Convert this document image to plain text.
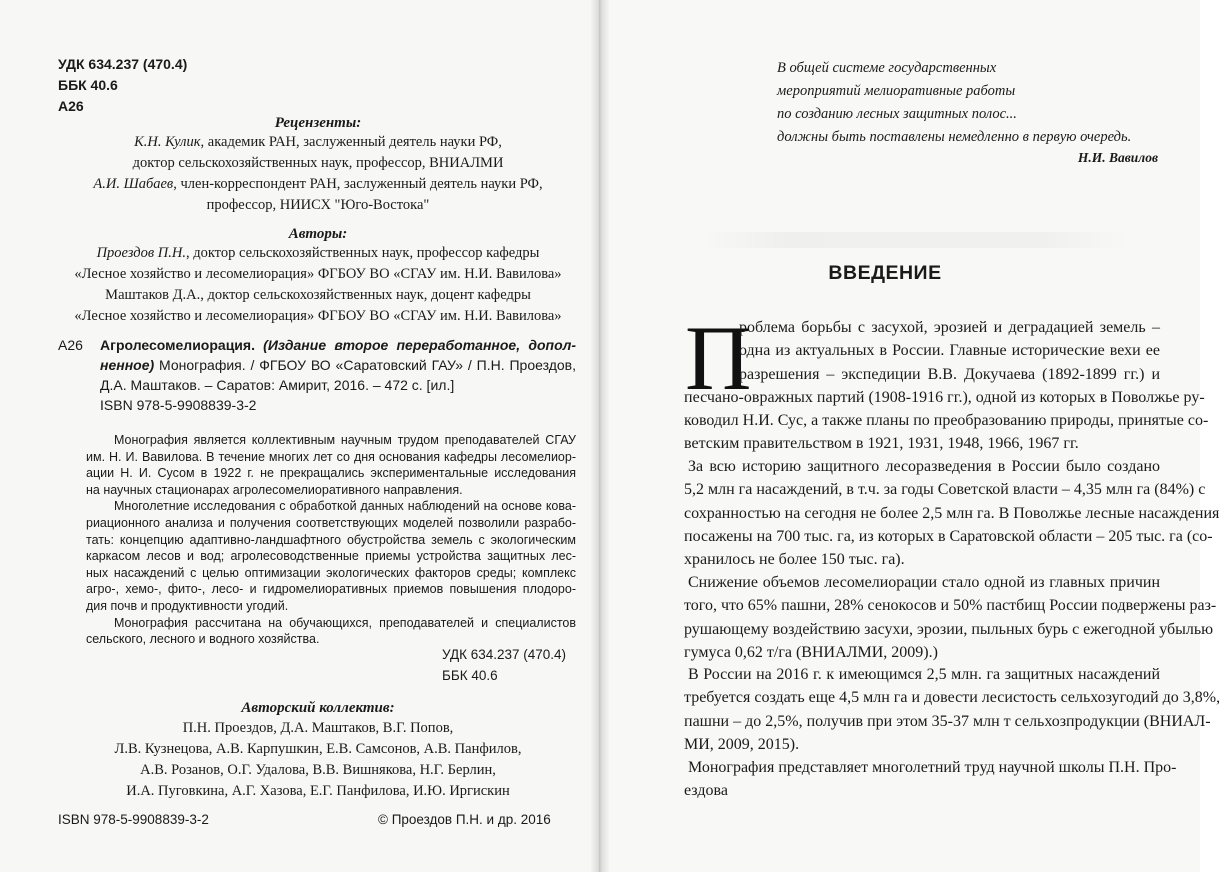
УДК 634.237 (470.4)
ББК 40.6
А26
Рецензенты:
К.Н. Кулик, академик РАН, заслуженный деятель науки РФ,
доктор сельскохозяйственных наук, профессор, ВНИАЛМИ
А.И. Шабаев, член-корреспондент РАН, заслуженный деятель науки РФ,
профессор, НИИСХ "Юго-Востока"
Авторы:
Проездов П.Н., доктор сельскохозяйственных наук, профессор кафедры
«Лесное хозяйство и лесомелиорация» ФГБОУ ВО «СГАУ им. Н.И. Вавилова»
Маштаков Д.А., доктор сельскохозяйственных наук, доцент кафедры
«Лесное хозяйство и лесомелиорация» ФГБОУ ВО «СГАУ им. Н.И. Вавилова»
А26 Агролесомелиорация. (Издание второе переработанное, допол-
ненное) Монография. / ФГБОУ ВО «Саратовский ГАУ» / П.Н. Проездов,
Д.А. Маштаков. – Саратов: Амирит, 2016. – 472 с. [ил.]
ISBN 978-5-9908839-3-2
Монография является коллективным научным трудом преподавателей СГАУ
им. Н. И. Вавилова. В течение многих лет со дня основания кафедры лесомелиор-
ации Н. И. Сусом в 1922 г. не прекращались экспериментальные исследования
на научных стационарах агролесомелиоративного направления.
Многолетние исследования с обработкой данных наблюдений на основе кова-
риационного анализа и получения соответствующих моделей позволили разрабо-
тать: концепцию адаптивно-ландшафтного обустройства земель с экологическим
каркасом лесов и вод; агролесоводственные приемы устройства защитных лес-
ных насаждений с целью оптимизации экологических факторов среды; комплекс
агро-, хемо-, фито-, лесо- и гидромелиоративных приемов повышения плодоро-
дия почв и продуктивности угодий.
Монография рассчитана на обучающихся, преподавателей и специалистов
сельского, лесного и водного хозяйства.
УДК 634.237 (470.4)
ББК 40.6
Авторский коллектив:
П.Н. Проездов, Д.А. Маштаков, В.Г. Попов,
Л.В. Кузнецова, А.В. Карпушкин, Е.В. Самсонов, А.В. Панфилов,
А.В. Розанов, О.Г. Удалова, В.В. Вишнякова, Н.Г. Берлин,
И.А. Пуговкина, А.Г. Хазова, Е.Г. Панфилова, И.Ю. Иргискин
ISBN 978-5-9908839-3-2	© Проездов П.Н. и др. 2016
В общей системе государственных
мероприятий мелиоративные работы
по созданию лесных защитных полос...
должны быть поставлены немедленно в первую очередь.
Н.И. Вавилов
ВВЕДЕНИЕ
П
роблема борьбы с засухой, эрозией и деградацией земель –
одна из актуальных в России. Главные исторические вехи ее
разрешения – экспедиции В.В. Докучаева (1892-1899 гг.) и
песчано-овражных партий (1908-1916 гг.), одной из которых в Поволжье ру-
ководил Н.И. Сус, а также планы по преобразованию природы, принятые со-
ветским правительством в 1921, 1931, 1948, 1966, 1967 гг.
За всю историю защитного лесоразведения в России было создано
5,2 млн га насаждений, в т.ч. за годы Советской власти – 4,35 млн га (84%) с
сохранностью на сегодня не более 2,5 млн га. В Поволжье лесные насаждения
посажены на 700 тыс. га, из которых в Саратовской области – 205 тыс. га (со-
хранилось не более 150 тыс. га).
Снижение объемов лесомелиорации стало одной из главных причин
того, что 65% пашни, 28% сенокосов и 50% пастбищ России подвержены раз-
рушающему воздействию засухи, эрозии, пыльных бурь с ежегодной убылью
гумуса 0,62 т/га (ВНИАЛМИ, 2009).)
В России на 2016 г. к имеющимся 2,5 млн. га защитных насаждений
требуется создать еще 4,5 млн га и довести лесистость сельхозугодий до 3,8%,
пашни – до 2,5%, получив при этом 35-37 млн т сельхозпродукции (ВНИАЛ-
МИ, 2009, 2015).
Монография представляет многолетний труд научной школы П.Н. Про-
ездова
